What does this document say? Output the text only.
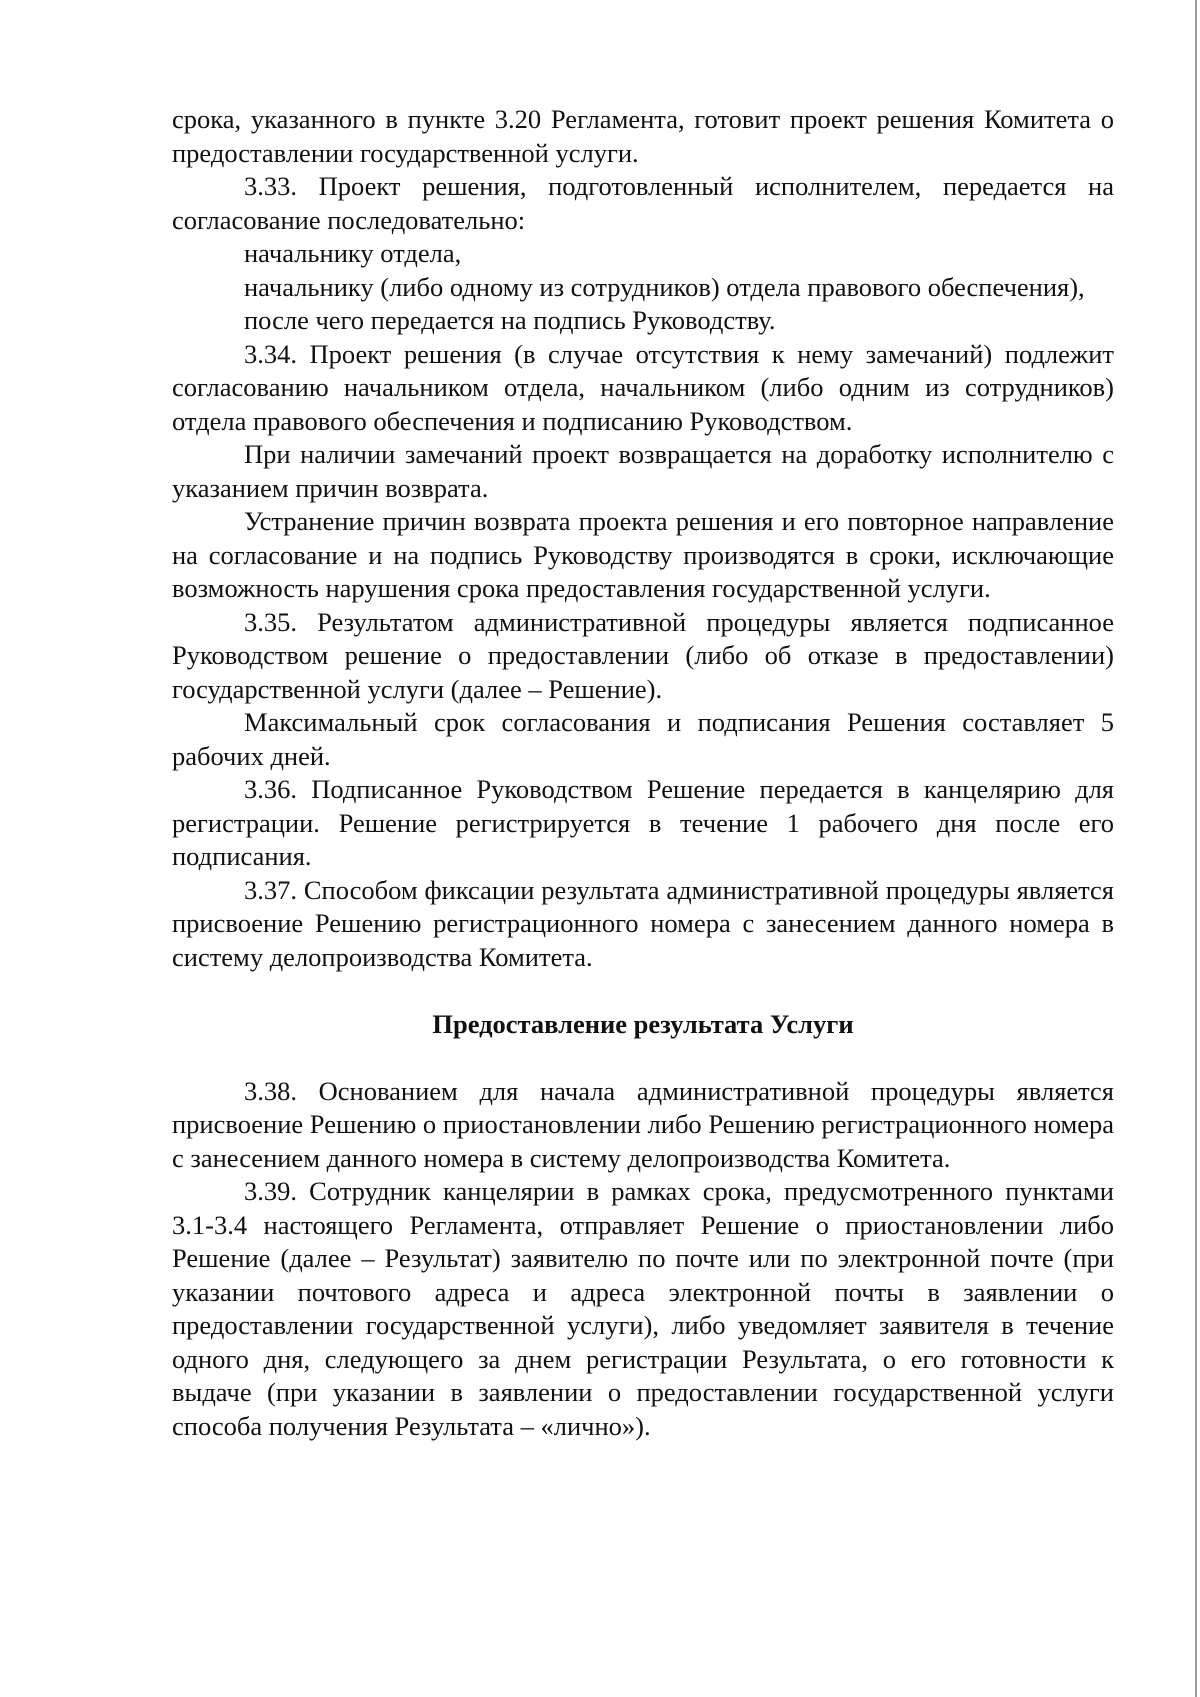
срока, указанного в пункте 3.20 Регламента, готовит проект решения Комитета о предоставлении государственной услуги.

3.33. Проект решения, подготовленный исполнителем, передается на согласование последовательно:

начальнику отдела,

начальнику (либо одному из сотрудников) отдела правового обеспечения),

после чего передается на подпись Руководству.

3.34. Проект решения (в случае отсутствия к нему замечаний) подлежит согласованию начальником отдела, начальником (либо одним из сотрудников) отдела правового обеспечения и подписанию Руководством.

При наличии замечаний проект возвращается на доработку исполнителю с указанием причин возврата.

Устранение причин возврата проекта решения и его повторное направление на согласование и на подпись Руководству производятся в сроки, исключающие возможность нарушения срока предоставления государственной услуги.

3.35. Результатом административной процедуры является подписанное Руководством решение о предоставлении (либо об отказе в предоставлении) государственной услуги (далее – Решение).

Максимальный срок согласования и подписания Решения составляет 5 рабочих дней.

3.36. Подписанное Руководством Решение передается в канцелярию для регистрации. Решение регистрируется в течение 1 рабочего дня после его подписания.

3.37. Способом фиксации результата административной процедуры является присвоение Решению регистрационного номера с занесением данного номера в систему делопроизводства Комитета.

Предоставление результата Услуги

3.38. Основанием для начала административной процедуры является присвоение Решению о приостановлении либо Решению регистрационного номера с занесением данного номера в систему делопроизводства Комитета.

3.39. Сотрудник канцелярии в рамках срока, предусмотренного пунктами 3.1-3.4 настоящего Регламента, отправляет Решение о приостановлении либо Решение (далее – Результат) заявителю по почте или по электронной почте (при указании почтового адреса и адреса электронной почты в заявлении о предоставлении государственной услуги), либо уведомляет заявителя в течение одного дня, следующего за днем регистрации Результата, о его готовности к выдаче (при указании в заявлении о предоставлении государственной услуги способа получения Результата – «лично»).
